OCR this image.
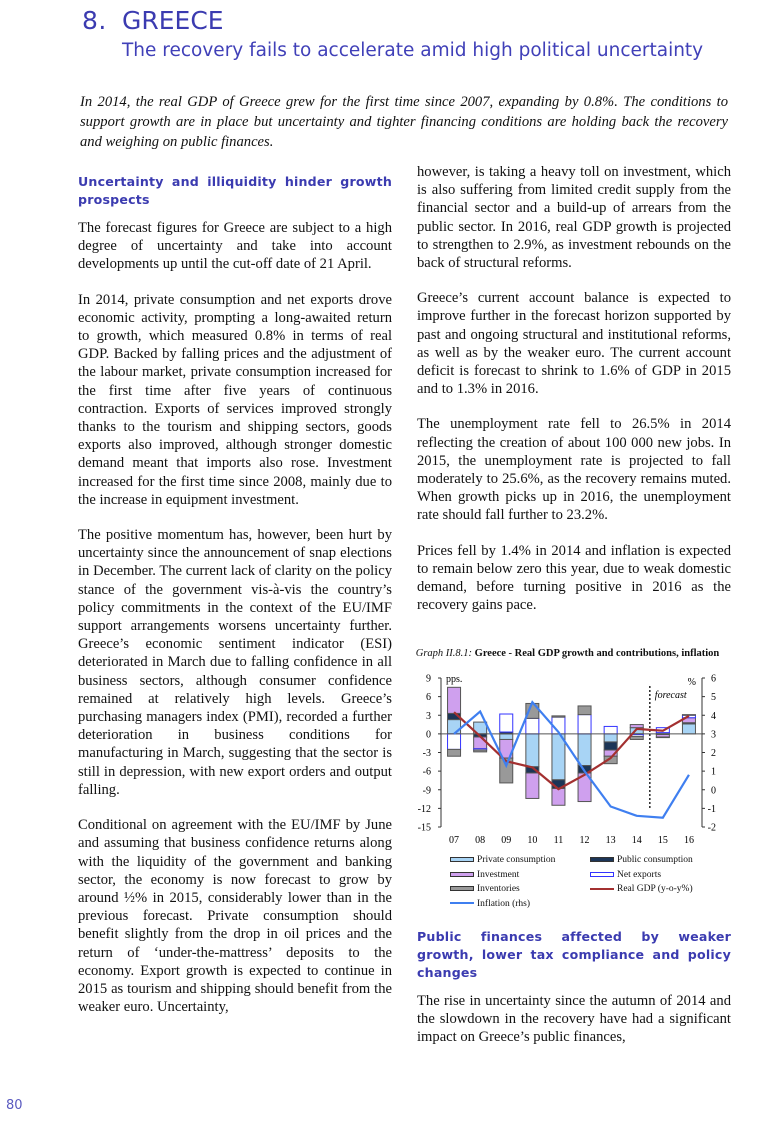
8. GREECE
The recovery fails to accelerate amid high political uncertainty
In 2014, the real GDP of Greece grew for the first time since 2007, expanding by 0.8%. The conditions to support growth are in place but uncertainty and tighter financing conditions are holding back the recovery and weighing on public finances.
Uncertainty and illiquidity hinder growth prospects

The forecast figures for Greece are subject to a high degree of uncertainty and take into account developments up until the cut-off date of 21 April.

In 2014, private consumption and net exports drove economic activity, prompting a long-awaited return to growth, which measured 0.8% in terms of real GDP. Backed by falling prices and the adjustment of the labour market, private consumption increased for the first time after five years of continuous contraction. Exports of services improved strongly thanks to the tourism and shipping sectors, goods exports also improved, although stronger domestic demand meant that imports also rose. Investment increased for the first time since 2008, mainly due to the increase in equipment investment.

The positive momentum has, however, been hurt by uncertainty since the announcement of snap elections in December. The current lack of clarity on the policy stance of the government vis-à-vis the country’s policy commitments in the context of the EU/IMF support arrangements worsens uncertainty further. Greece’s economic sentiment indicator (ESI) deteriorated in March due to falling confidence in all business sectors, although consumer confidence remained at relatively high levels. Greece’s purchasing managers index (PMI), recorded a further deterioration in business conditions for manufacturing in March, suggesting that the sector is still in depression, with new export orders and output falling.

Conditional on agreement with the EU/IMF by June and assuming that business confidence returns along with the liquidity of the government and banking sector, the economy is now forecast to grow by around ½% in 2015, considerably lower than in the previous forecast. Private consumption should benefit slightly from the drop in oil prices and the return of ‘under-the-mattress’ deposits to the economy. Export growth is expected to continue in 2015 as tourism and shipping should benefit from the weaker euro. Uncertainty,

however, is taking a heavy toll on investment, which is also suffering from limited credit supply from the financial sector and a build-up of arrears from the public sector. In 2016, real GDP growth is projected to strengthen to 2.9%, as investment rebounds on the back of structural reforms.

Greece’s current account balance is expected to improve further in the forecast horizon supported by past and ongoing structural and institutional reforms, as well as by the weaker euro. The current account deficit is forecast to shrink to 1.6% of GDP in 2015 and to 1.3% in 2016.

The unemployment rate fell to 26.5% in 2014 reflecting the creation of about 100 000 new jobs. In 2015, the unemployment rate is projected to fall moderately to 25.6%, as the recovery remains muted. When growth picks up in 2016, the unemployment rate should fall further to 23.2%.

Prices fell by 1.4% in 2014 and inflation is expected to remain below zero this year, due to weak domestic demand, before turning positive in 2016 as the recovery gains pace.

Graph II.8.1: Greece - Real GDP growth and contributions, inflation
9
6
3
0
-3
-6
-9
-12
-15
6
5
4
3
2
1
0
-1
-2
pps.	%
forecast
07 08 09 10 11 12 13 14 15 16
Private consumption	Public consumption
Investment	Net exports
Inventories	Real GDP (y-o-y%)
Inflation (rhs)
Public finances affected by weaker growth, lower tax compliance and policy changes

The rise in uncertainty since the autumn of 2014 and the slowdown in the recovery have had a significant impact on Greece’s public finances,

80
